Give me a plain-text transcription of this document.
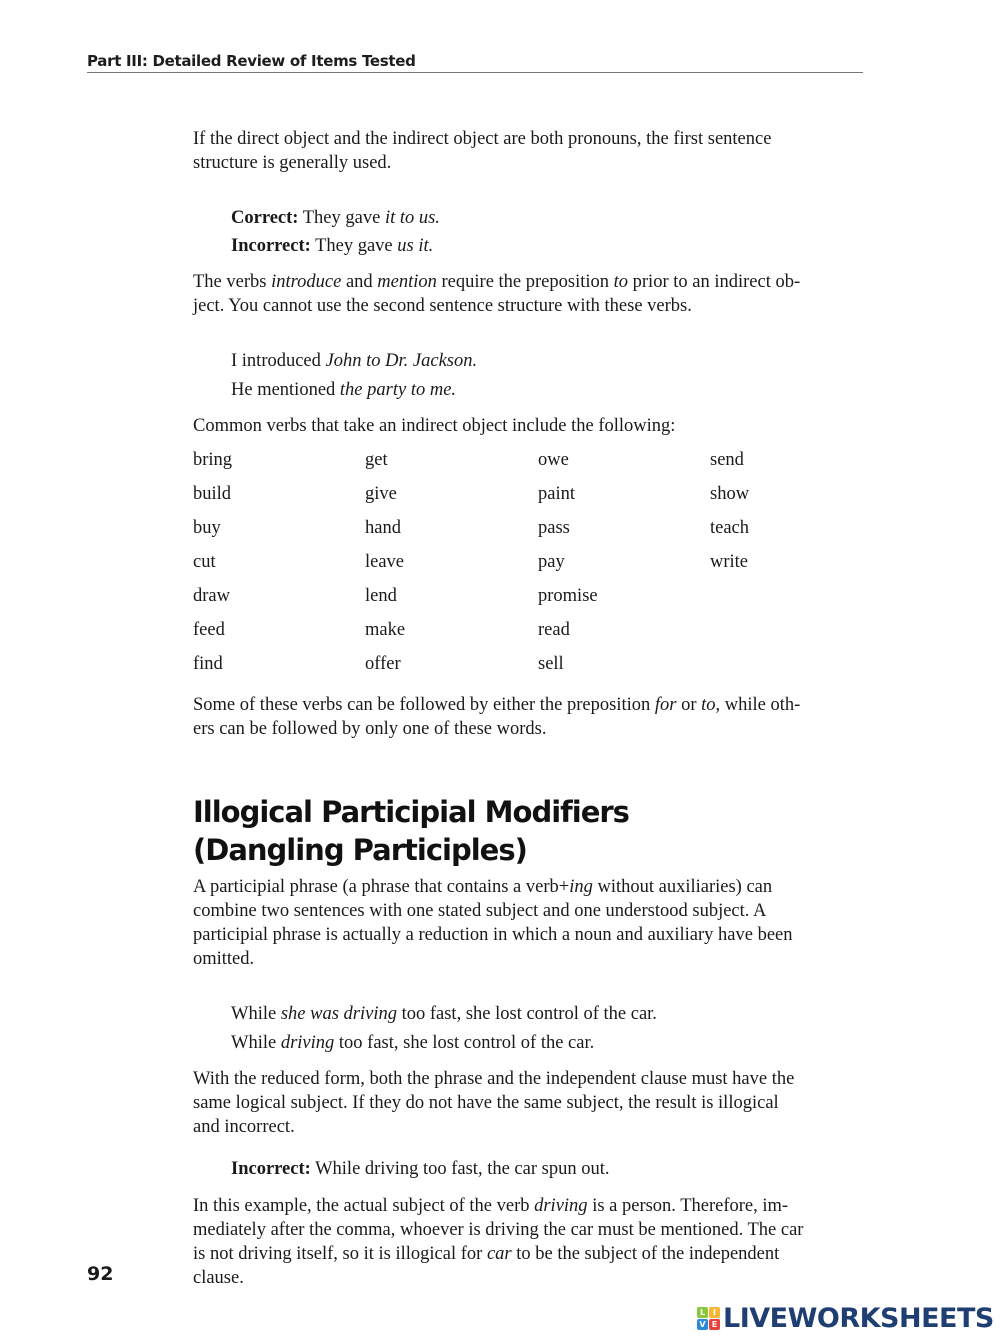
Part III: Detailed Review of Items Tested
If the direct object and the indirect object are both pronouns, the first sentence
structure is generally used.
Correct: They gave it to us.
Incorrect: They gave us it.
The verbs introduce and mention require the preposition to prior to an indirect ob-
ject. You cannot use the second sentence structure with these verbs.
I introduced John to Dr. Jackson.
He mentioned the party to me.
Common verbs that take an indirect object include the following:
Some of these verbs can be followed by either the preposition for or to, while oth-
ers can be followed by only one of these words.
A participial phrase (a phrase that contains a verb+ing without auxiliaries) can
combine two sentences with one stated subject and one understood subject. A
participial phrase is actually a reduction in which a noun and auxiliary have been
omitted.
While she was driving too fast, she lost control of the car.
While driving too fast, she lost control of the car.
With the reduced form, both the phrase and the independent clause must have the
same logical subject. If they do not have the same subject, the result is illogical
and incorrect.
Incorrect: While driving too fast, the car spun out.
In this example, the actual subject of the verb driving is a person. Therefore, im-
mediately after the comma, whoever is driving the car must be mentioned. The car
is not driving itself, so it is illogical for car to be the subject of the independent
clause.
bring	get	owe	send
build	give	paint	show
buy	hand	pass	teach
cut	leave	pay	write
draw	lend	promise
feed	make	read
find	offer	sell
Illogical Participial Modifiers
(Dangling Participles)
92
L I
V E LIVEWORKSHEETS
